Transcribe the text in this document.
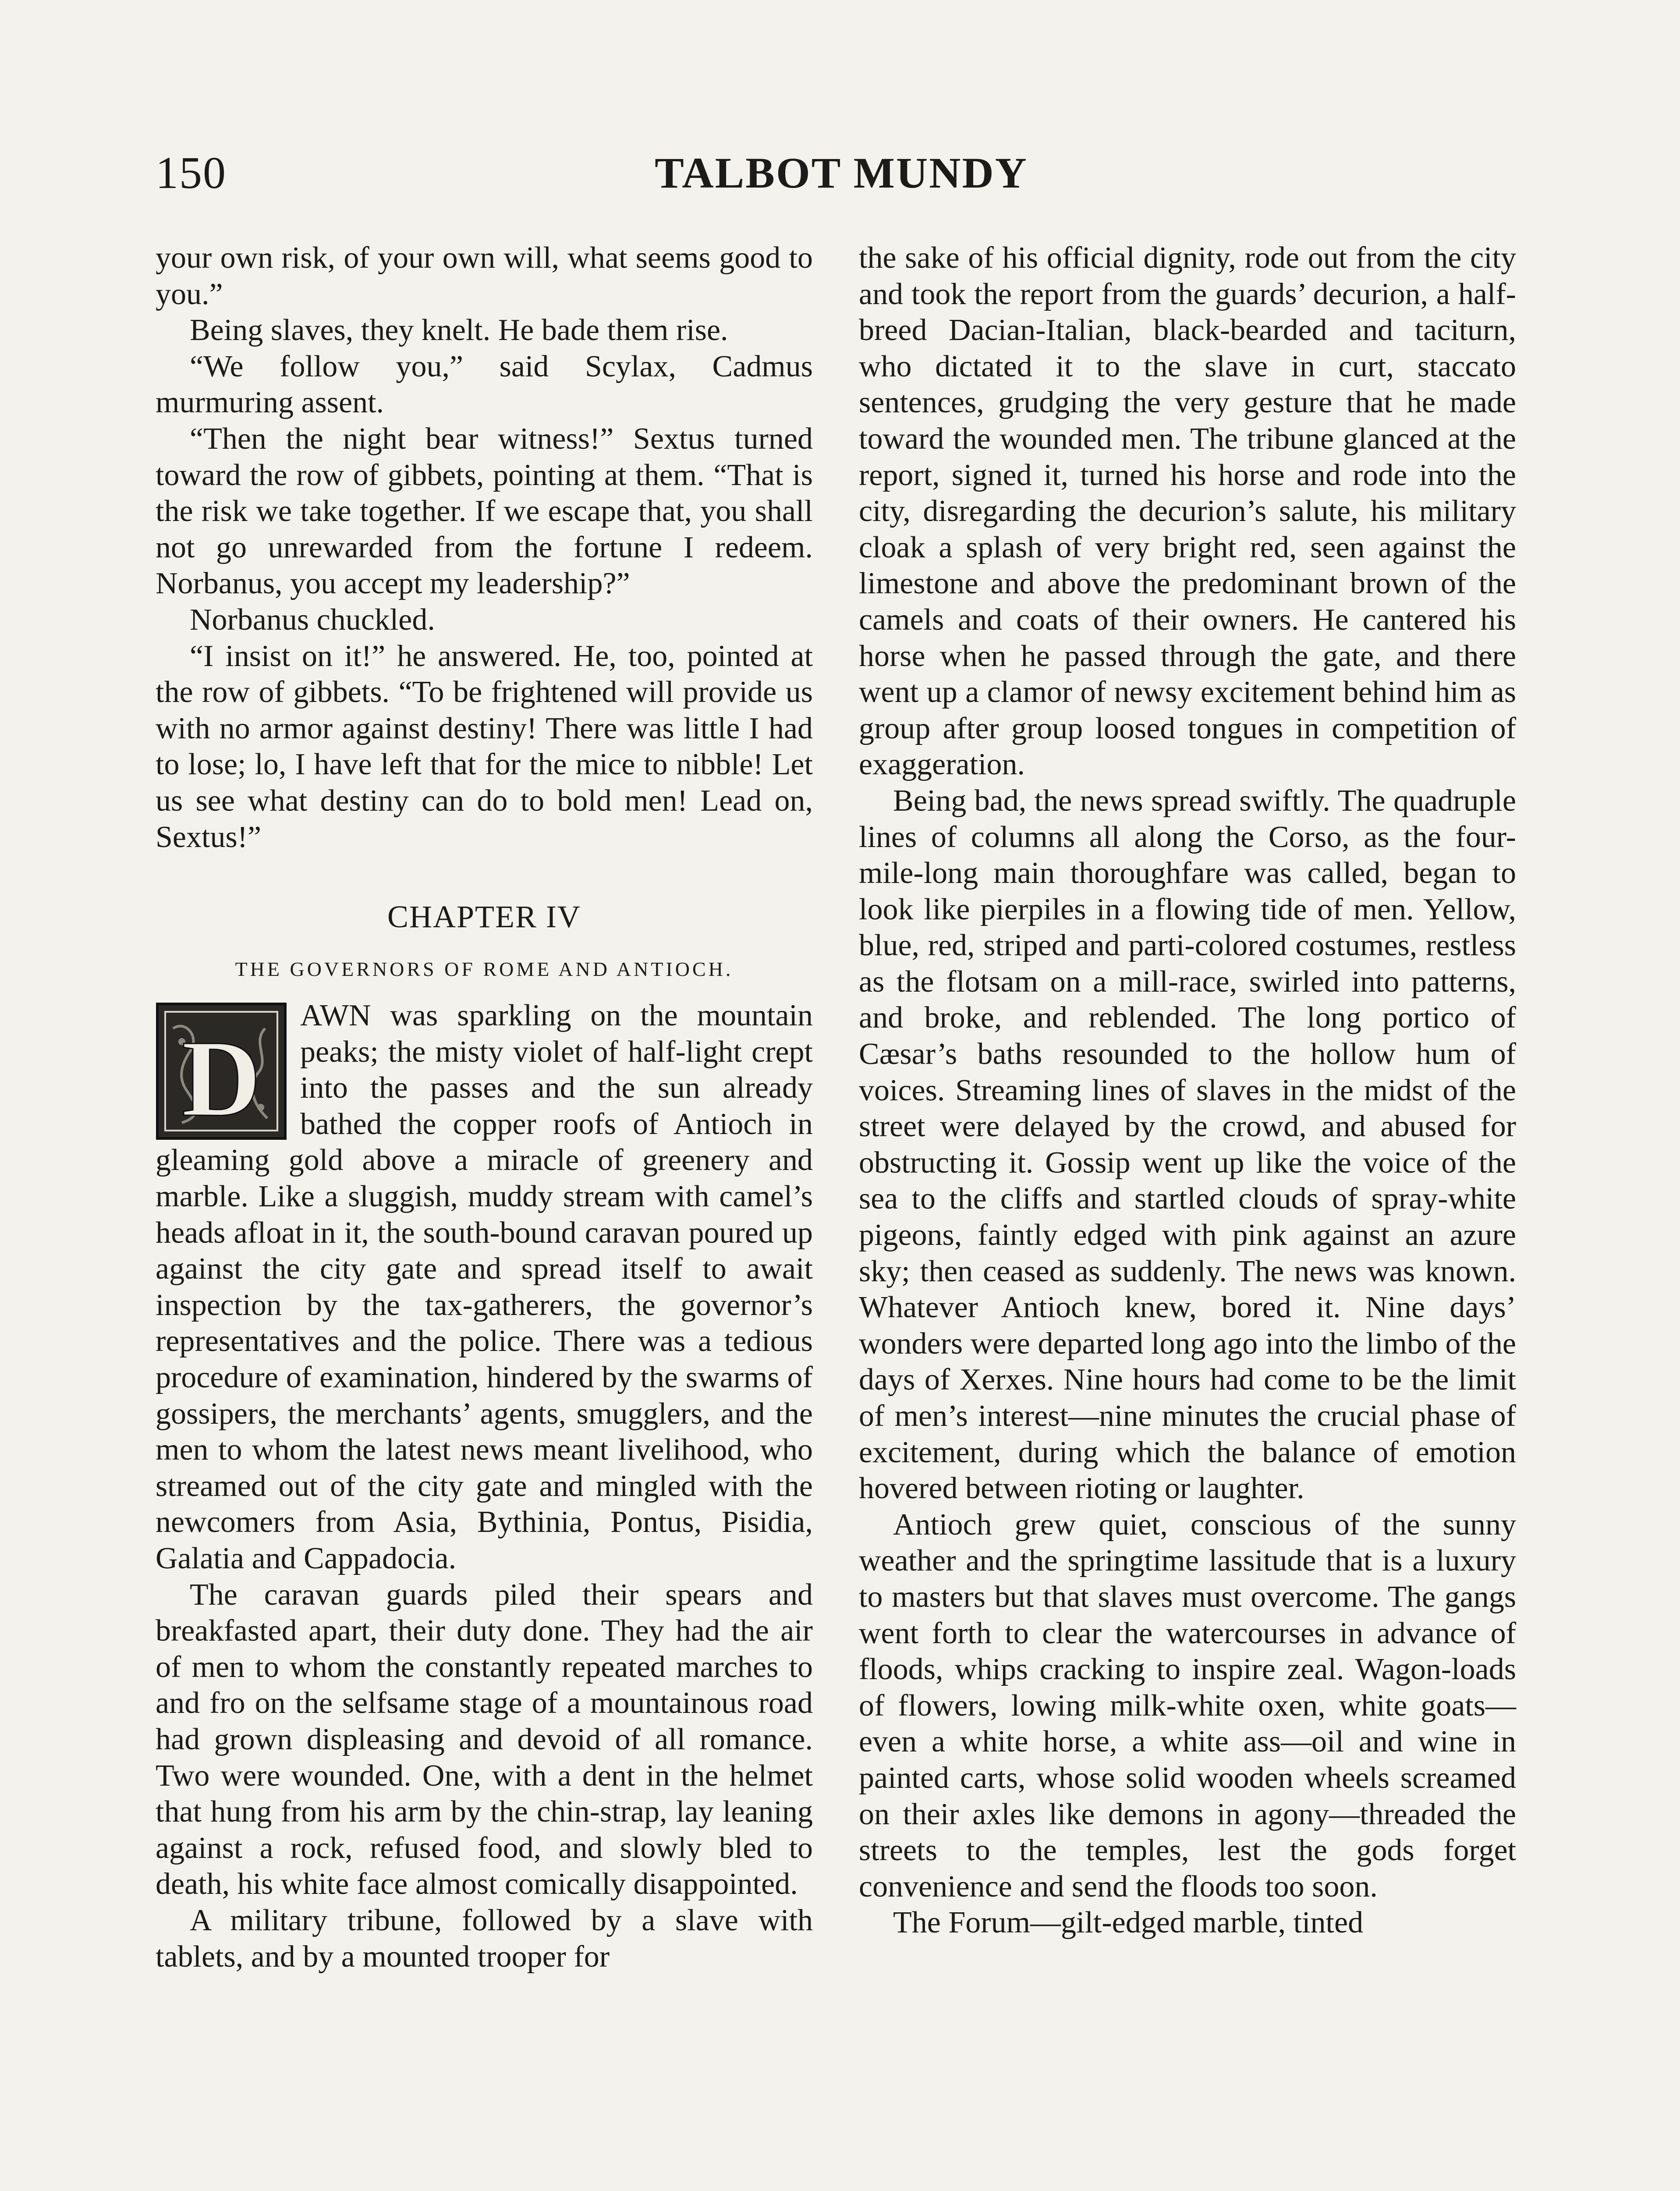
150	TALBOT MUNDY

your own risk, of your own will, what seems good to you.”

Being slaves, they knelt. He bade them rise.

“We follow you,” said Scylax, Cadmus murmuring assent.

“Then the night bear witness!” Sextus turned toward the row of gibbets, pointing at them. “That is the risk we take together. If we escape that, you shall not go unrewarded from the fortune I redeem. Norbanus, you accept my leadership?”

Norbanus chuckled.

“I insist on it!” he answered. He, too, pointed at the row of gibbets. “To be frightened will provide us with no armor against destiny! There was little I had to lose; lo, I have left that for the mice to nibble! Let us see what destiny can do to bold men! Lead on, Sextus!”

CHAPTER IV
THE GOVERNORS OF ROME AND ANTIOCH.

D
AWN was sparkling on the mountain peaks; the misty violet of half-light crept into the passes and the sun already bathed the copper roofs of Antioch in gleaming gold above a miracle of greenery and marble. Like a sluggish, muddy stream with camel’s heads afloat in it, the south-bound caravan poured up against the city gate and spread itself to await inspection by the tax-gatherers, the governor’s representatives and the police. There was a tedious procedure of examination, hindered by the swarms of gossipers, the merchants’ agents, smugglers, and the men to whom the latest news meant livelihood, who streamed out of the city gate and mingled with the newcomers from Asia, Bythinia, Pontus, Pisidia, Galatia and Cappadocia.

The caravan guards piled their spears and breakfasted apart, their duty done. They had the air of men to whom the constantly repeated marches to and fro on the selfsame stage of a mountainous road had grown displeasing and devoid of all romance. Two were wounded. One, with a dent in the helmet that hung from his arm by the chin-strap, lay leaning against a rock, refused food, and slowly bled to death, his white face almost comically disappointed.

A military tribune, followed by a slave with tablets, and by a mounted trooper for

the sake of his official dignity, rode out from the city and took the report from the guards’ decurion, a half-breed Dacian-Italian, black-bearded and taciturn, who dictated it to the slave in curt, staccato sentences, grudging the very gesture that he made toward the wounded men. The tribune glanced at the report, signed it, turned his horse and rode into the city, disregarding the decurion’s salute, his military cloak a splash of very bright red, seen against the limestone and above the predominant brown of the camels and coats of their owners. He cantered his horse when he passed through the gate, and there went up a clamor of newsy excitement behind him as group after group loosed tongues in competition of exaggeration.

Being bad, the news spread swiftly. The quadruple lines of columns all along the Corso, as the four-mile-long main thoroughfare was called, began to look like pierpiles in a flowing tide of men. Yellow, blue, red, striped and parti-colored costumes, restless as the flotsam on a mill-race, swirled into patterns, and broke, and reblended. The long portico of Cæsar’s baths resounded to the hollow hum of voices. Streaming lines of slaves in the midst of the street were delayed by the crowd, and abused for obstructing it. Gossip went up like the voice of the sea to the cliffs and startled clouds of spray-white pigeons, faintly edged with pink against an azure sky; then ceased as suddenly. The news was known. Whatever Antioch knew, bored it. Nine days’ wonders were departed long ago into the limbo of the days of Xerxes. Nine hours had come to be the limit of men’s interest—nine minutes the crucial phase of excitement, during which the balance of emotion hovered between rioting or laughter.

Antioch grew quiet, conscious of the sunny weather and the springtime lassitude that is a luxury to masters but that slaves must overcome. The gangs went forth to clear the watercourses in advance of floods, whips cracking to inspire zeal. Wagon-loads of flowers, lowing milk-white oxen, white goats—even a white horse, a white ass—oil and wine in painted carts, whose solid wooden wheels screamed on their axles like demons in agony—threaded the streets to the temples, lest the gods forget convenience and send the floods too soon.

The Forum—gilt-edged marble, tinted
